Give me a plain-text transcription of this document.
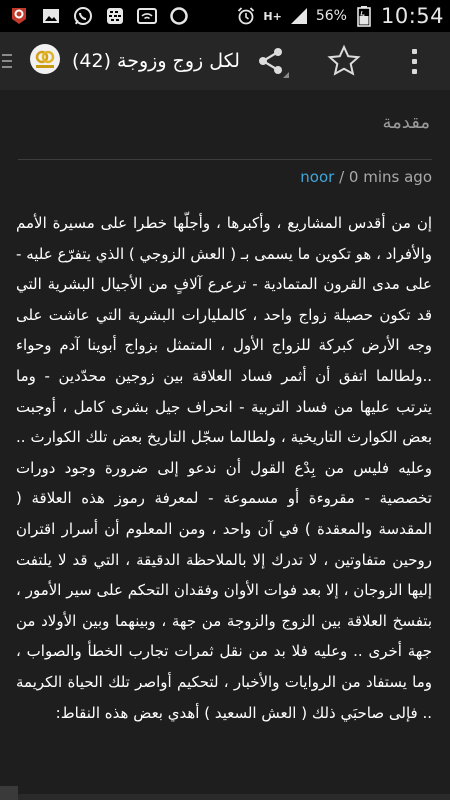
H+ 56% 10:54
لكل زوج وزوجة (42)
مقدمة
noor / 0 mins ago
إن من أقدس المشاريع ، وأكبرها ، وأجلّها خطرا على مسيرة الأمم والأفراد ، هو تكوين ما يسمى بـ ( العش الزوجي ) الذي يتفرّع عليه - على مدى القرون المتمادية - ترعرع آلافٍ من الأجيال البشرية التي قد تكون حصيلة زواج واحد ، كالمليارات البشرية التي عاشت على وجه الأرض كبركة للزواج الأول ، المتمثل بزواج أبوينا آدم وحواء ..ولطالما اتفق أن أثمر فساد العلاقة بين زوجين محدّدين - وما يترتب عليها من فساد التربية - انحراف جيل بشرى كامل ، أوجبت بعض الكوارث التاريخية ، ولطالما سجّل التاريخ بعض تلك الكوارث .. وعليه فليس من بِدْع القول أن ندعو إلى ضرورة وجود دورات تخصصية - مقروءة أو مسموعة - لمعرفة رموز هذه العلاقة ( المقدسة والمعقدة ) في آن واحد ، ومن المعلوم أن أسرار اقتران روحين متفاوتين ، لا تدرك إلا بالملاحظة الدقيقة ، التي قد لا يلتفت إليها الزوجان ، إلا بعد فوات الأوان وفقدان التحكم على سير الأمور ، بتفسخ العلاقة بين الزوج والزوجة من جهة ، وبينهما وبين الأولاد من جهة أخرى .. وعليه فلا بد من نقل ثمرات تجارب الخطأ والصواب ، وما يستفاد من الروايات والأخبار ، لتحكيم أواصر تلك الحياة الكريمة .. فإلى صاحبَي ذلك ( العش السعيد ) أهدي بعض هذه النقاط:
